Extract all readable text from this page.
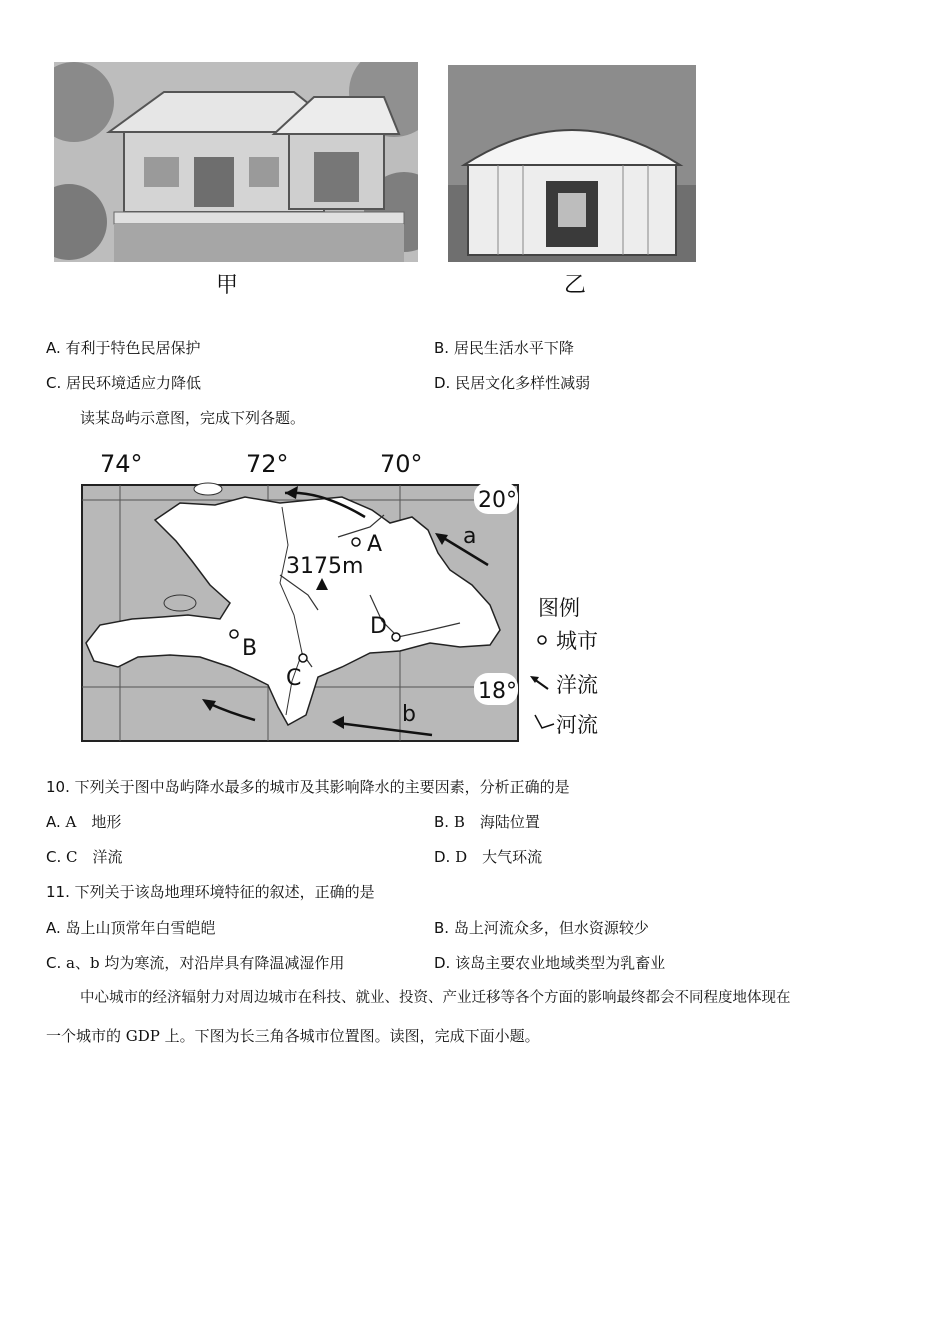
甲	乙
A. 有利于特色民居保护	B. 居民生活水平下降
C. 居民环境适应力降低	D. 民居文化多样性减弱
读某岛屿示意图，完成下列各题。
74°	72°	70°
20°
18°
3175m
A
B
C
D
a
b
图例
城市
洋流
河流
10. 下列关于图中岛屿降水最多的城市及其影响降水的主要因素，分析正确的是
A. A　地形	B. B　海陆位置
C. C　洋流	D. D　大气环流
11. 下列关于该岛地理环境特征的叙述，正确的是
A. 岛上山顶常年白雪皑皑	B. 岛上河流众多，但水资源较少
C. a、b 均为寒流，对沿岸具有降温减湿作用	D. 该岛主要农业地域类型为乳畜业
中心城市的经济辐射力对周边城市在科技、就业、投资、产业迁移等各个方面的影响最终都会不同程度地体现在
一个城市的 GDP 上。下图为长三角各城市位置图。读图，完成下面小题。
